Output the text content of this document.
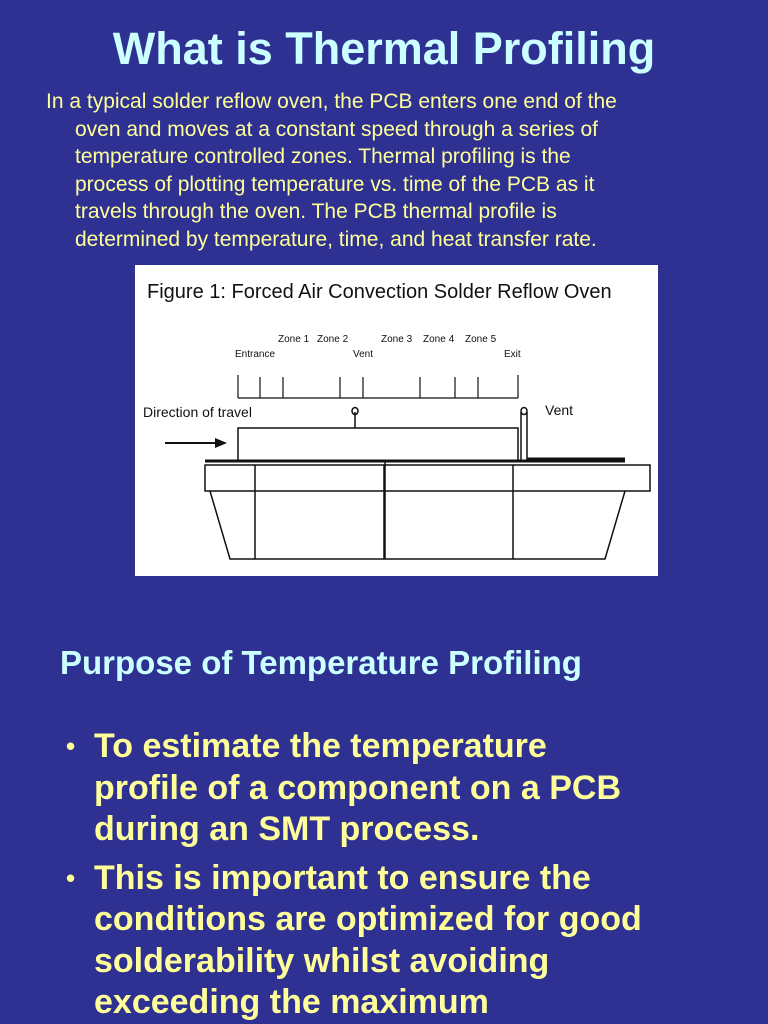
What is Thermal Profiling
In a typical solder reflow oven, the PCB enters one end of the
oven and moves at a constant speed through a series of
temperature controlled zones. Thermal profiling is the
process of plotting temperature vs. time of the PCB as it
travels through the oven. The PCB thermal profile is
determined by temperature, time, and heat transfer rate.
Figure 1: Forced Air Convection Solder Reflow Oven
Zone 1 Zone 2	Zone 3 Zone 4 Zone 5
Entrance	Vent	Exit
Direction of travel	Vent
Purpose of Temperature Profiling
• To estimate the temperature
profile of a component on a PCB
during an SMT process.
• This is important to ensure the
conditions are optimized for good
solderability whilst avoiding
exceeding the maximum
